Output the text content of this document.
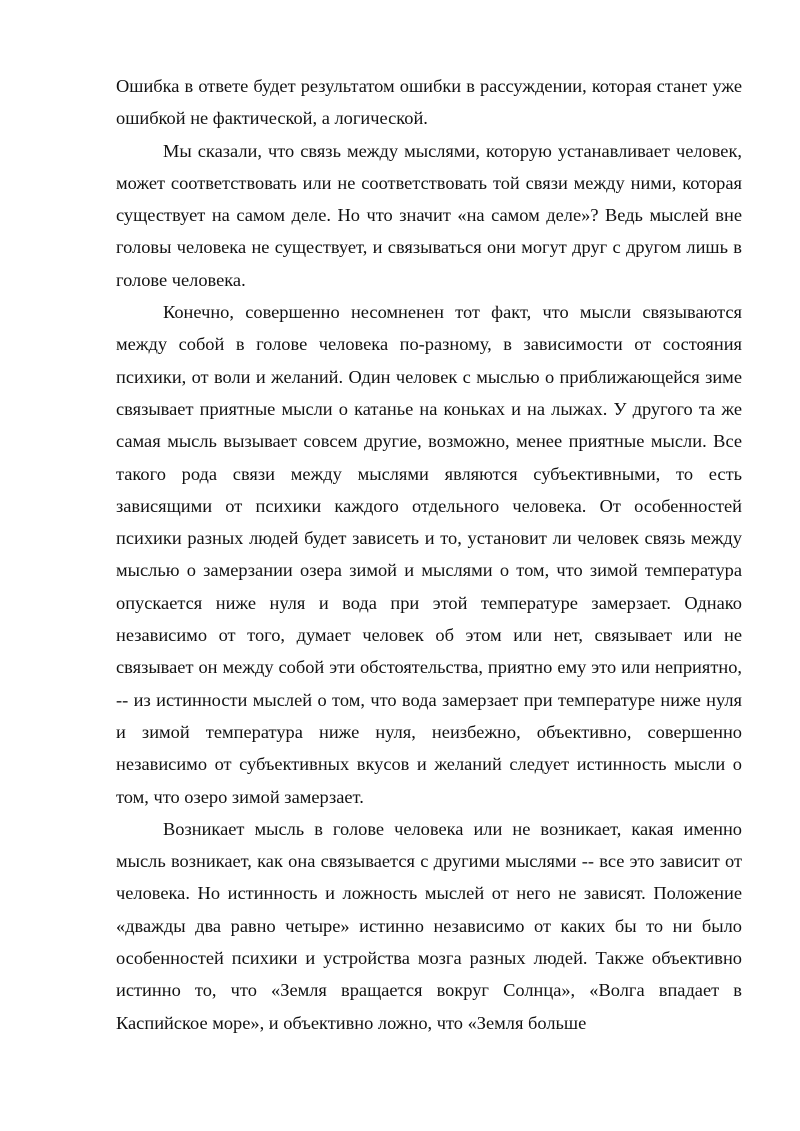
Ошибка в ответе будет результатом ошибки в рассуждении, которая станет уже ошибкой не фактической, а логической.

Мы сказали, что связь между мыслями, которую устанавливает человек, может соответствовать или не соответствовать той связи между ними, которая существует на самом деле. Но что значит «на самом деле»? Ведь мыслей вне головы человека не существует, и связываться они могут друг с другом лишь в голове человека.

Конечно, совершенно несомненен тот факт, что мысли связываются между собой в голове человека по-разному, в зависимости от состояния психики, от воли и желаний. Один человек с мыслью о приближающейся зиме связывает приятные мысли о катанье на коньках и на лыжах. У другого та же самая мысль вызывает совсем другие, возможно, менее приятные мысли. Все такого рода связи между мыслями являются субъективными, то есть зависящими от психики каждого отдельного человека. От особенностей психики разных людей будет зависеть и то, установит ли человек связь между мыслью о замерзании озера зимой и мыслями о том, что зимой температура опускается ниже нуля и вода при этой температуре замерзает. Однако независимо от того, думает человек об этом или нет, связывает или не связывает он между собой эти обстоятельства, приятно ему это или неприятно, -- из истинности мыслей о том, что вода замерзает при температуре ниже нуля и зимой температура ниже нуля, неизбежно, объективно, совершенно независимо от субъективных вкусов и желаний следует истинность мысли о том, что озеро зимой замерзает.

Возникает мысль в голове человека или не возникает, какая именно мысль возникает, как она связывается с другими мыслями -- все это зависит от человека. Но истинность и ложность мыслей от него не зависят. Положение «дважды два равно четыре» истинно независимо от каких бы то ни было особенностей психики и устройства мозга разных людей. Также объективно истинно то, что «Земля вращается вокруг Солнца», «Волга впадает в Каспийское море», и объективно ложно, что «Земля больше
